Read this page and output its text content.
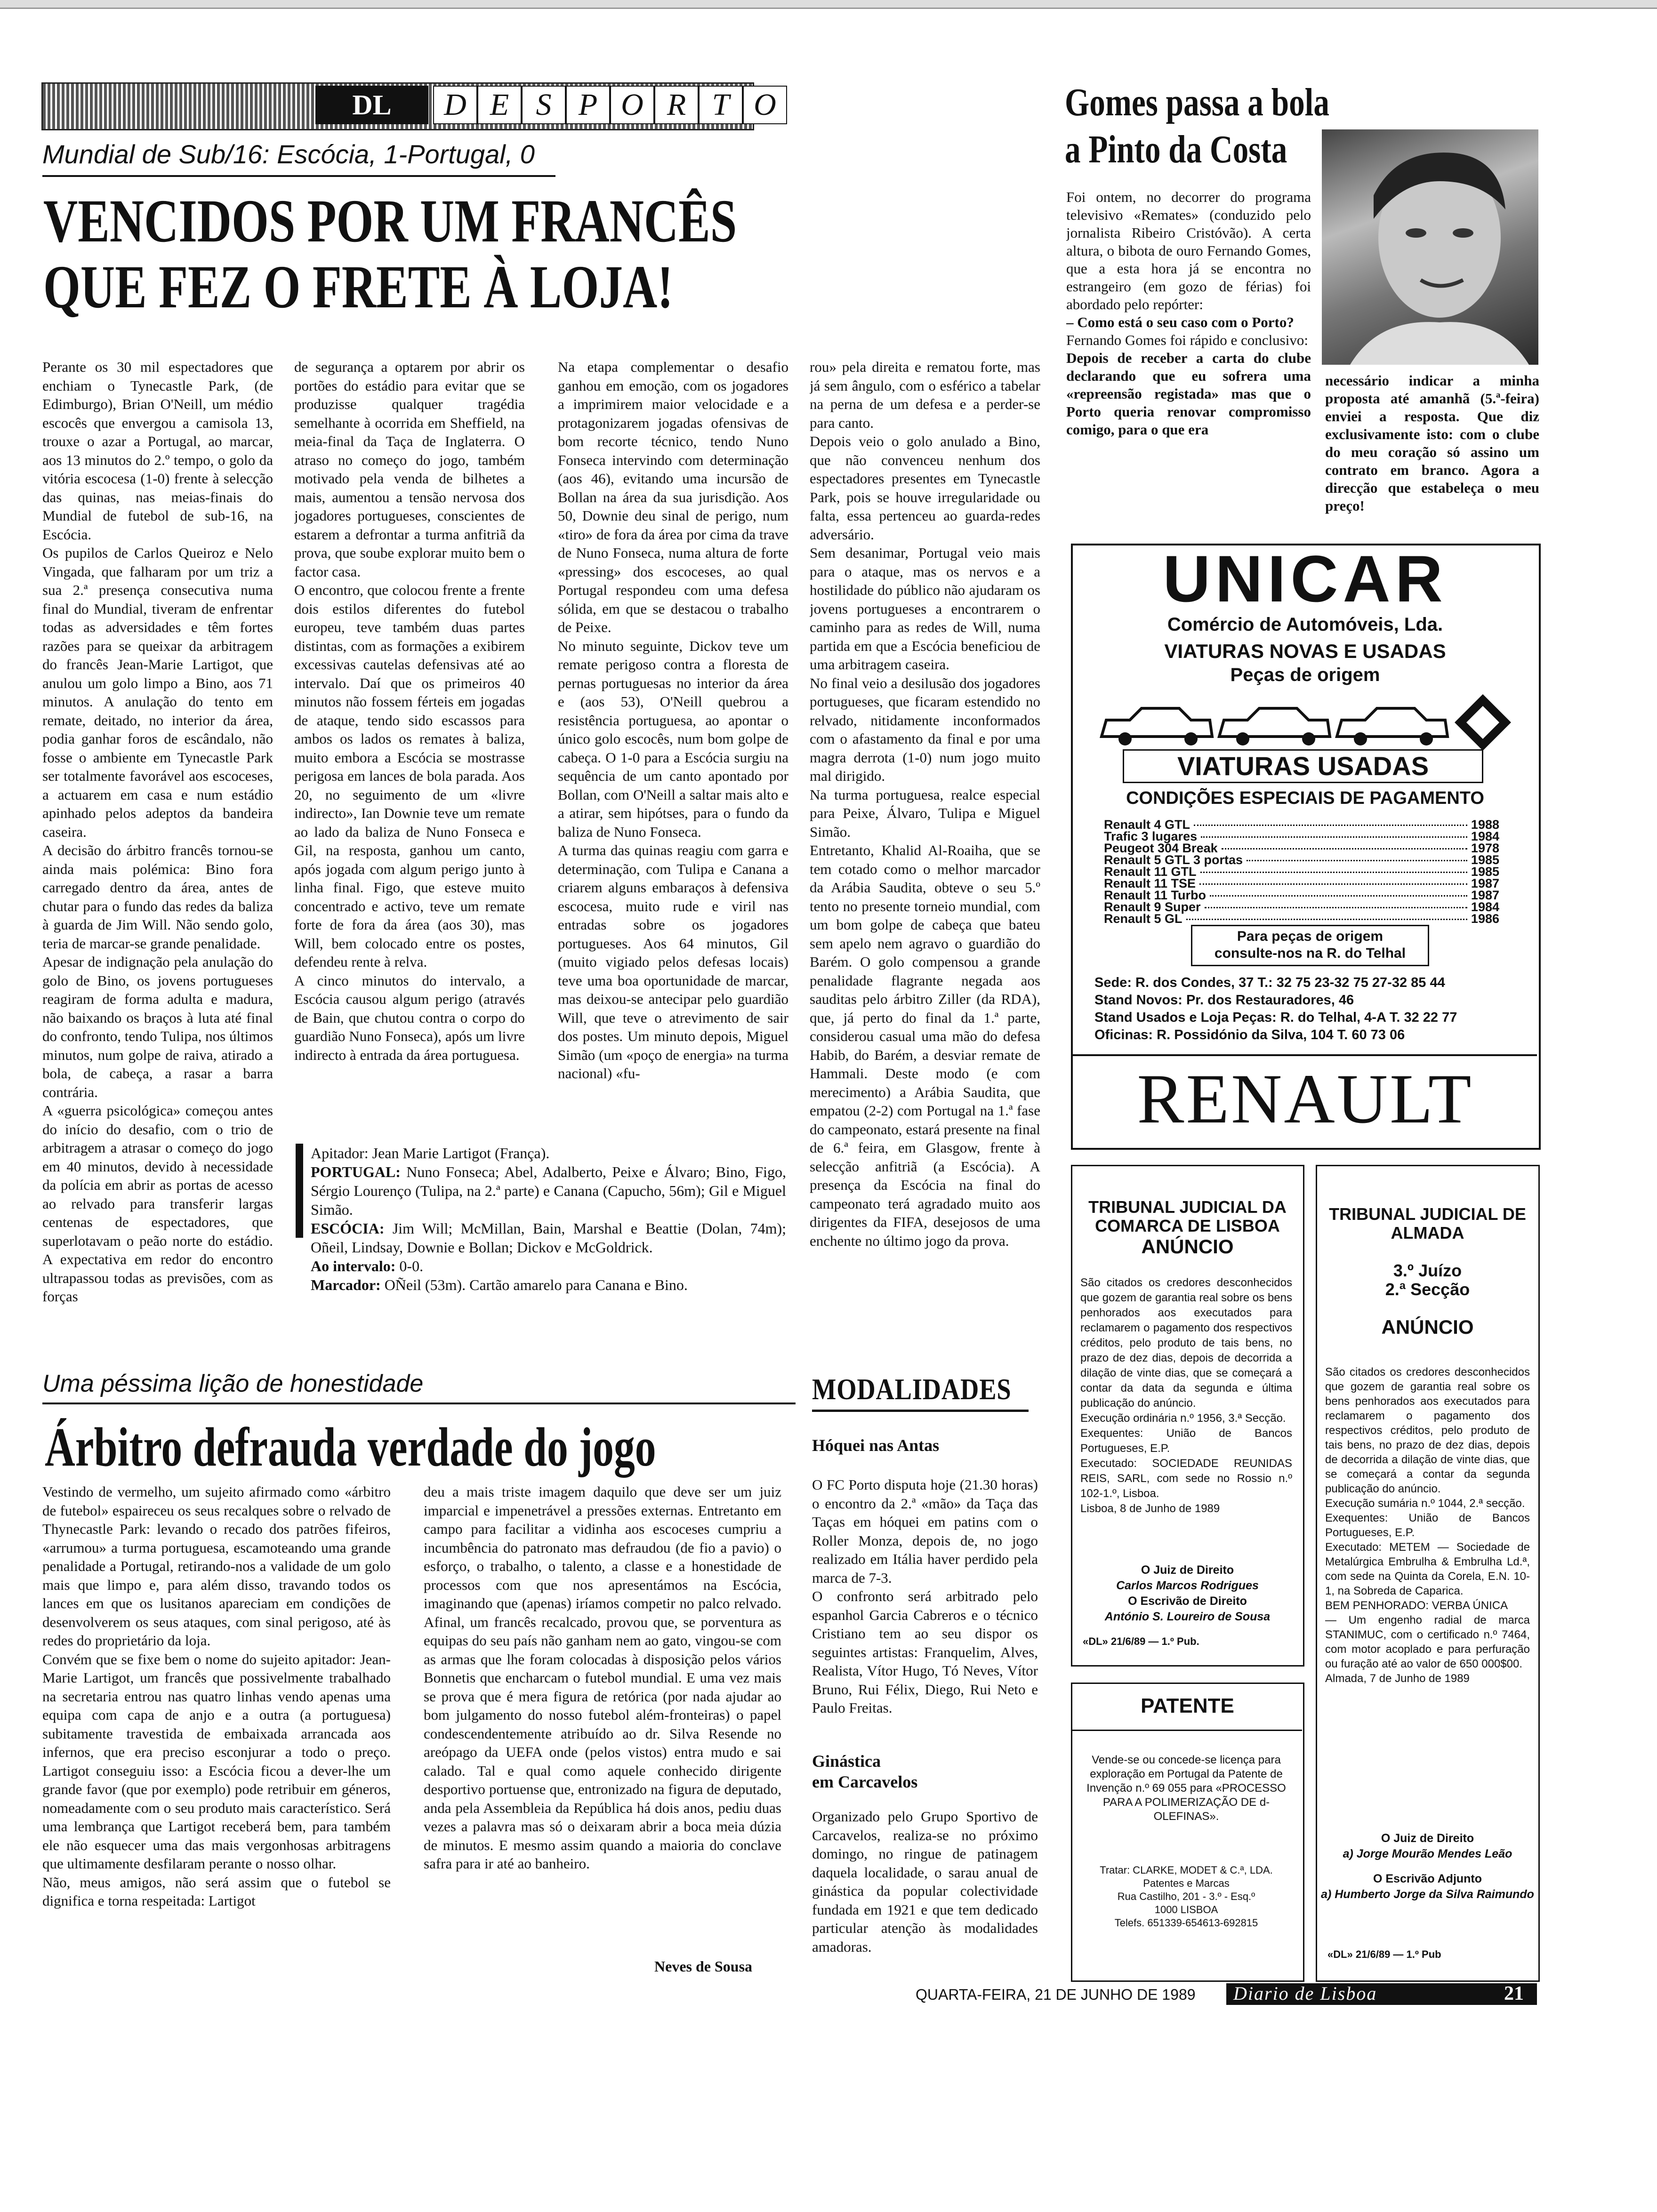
DL	D E S P O R T O
Mundial de Sub/16: Escócia, 1-Portugal, 0
VENCIDOS POR UM FRANCÊS
QUE FEZ O FRETE À LOJA!
Perante os 30 mil espectadores que enchiam o Tynecastle Park, (de Edimburgo), Brian O'Neill, um médio escocês que envergou a camisola 13, trouxe o azar a Portugal, ao marcar, aos 13 minutos do 2.º tempo, o golo da vitória escocesa (1-0) frente à selecção das quinas, nas meias-finais do Mundial de futebol de sub-16, na Escócia.
Os pupilos de Carlos Queiroz e Nelo Vingada, que falharam por um triz a sua 2.ª presença consecutiva numa final do Mundial, tiveram de enfrentar todas as adversidades e têm fortes razões para se queixar da arbitragem do francês Jean-Marie Lartigot, que anulou um golo limpo a Bino, aos 71 minutos. A anulação do tento em remate, deitado, no interior da área, podia ganhar foros de escândalo, não fosse o ambiente em Tynecastle Park ser totalmente favorável aos escoceses, a actuarem em casa e num estádio apinhado pelos adeptos da bandeira caseira.
A decisão do árbitro francês tornou-se ainda mais polémica: Bino fora carregado dentro da área, antes de chutar para o fundo das redes da baliza à guarda de Jim Will. Não sendo golo, teria de marcar-se grande penalidade.
Apesar de indignação pela anulação do golo de Bino, os jovens portugueses reagiram de forma adulta e madura, não baixando os braços à luta até final do confronto, tendo Tulipa, nos últimos minutos, num golpe de raiva, atirado a bola, de cabeça, a rasar a barra contrária.
A «guerra psicológica» começou antes do início do desafio, com o trio de arbitragem a atrasar o começo do jogo em 40 minutos, devido à necessidade da polícia em abrir as portas de acesso ao relvado para transferir largas centenas de espectadores, que superlotavam o peão norte do estádio. A expectativa em redor do encontro ultrapassou todas as previsões, com as forças
de segurança a optarem por abrir os portões do estádio para evitar que se produzisse qualquer tragédia semelhante à ocorrida em Sheffield, na meia-final da Taça de Inglaterra. O atraso no começo do jogo, também motivado pela venda de bilhetes a mais, aumentou a tensão nervosa dos jogadores portugueses, conscientes de estarem a defrontar a turma anfitriã da prova, que soube explorar muito bem o factor casa.
O encontro, que colocou frente a frente dois estilos diferentes do futebol europeu, teve também duas partes distintas, com as formações a exibirem excessivas cautelas defensivas até ao intervalo. Daí que os primeiros 40 minutos não fossem férteis em jogadas de ataque, tendo sido escassos para ambos os lados os remates à baliza, muito embora a Escócia se mostrasse perigosa em lances de bola parada. Aos 20, no seguimento de um «livre indirecto», Ian Downie teve um remate ao lado da baliza de Nuno Fonseca e Gil, na resposta, ganhou um canto, após jogada com algum perigo junto à linha final. Figo, que esteve muito concentrado e activo, teve um remate forte de fora da área (aos 30), mas Will, bem colocado entre os postes, defendeu rente à relva.
A cinco minutos do intervalo, a Escócia causou algum perigo (através de Bain, que chutou contra o corpo do guardião Nuno Fonseca), após um livre indirecto à entrada da área portuguesa.
Na etapa complementar o desafio ganhou em emoção, com os jogadores a imprimirem maior velocidade e a protagonizarem jogadas ofensivas de bom recorte técnico, tendo Nuno Fonseca intervindo com determinação (aos 46), evitando uma incursão de Bollan na área da sua jurisdição. Aos 50, Downie deu sinal de perigo, num «tiro» de fora da área por cima da trave de Nuno Fonseca, numa altura de forte «pressing» dos escoceses, ao qual Portugal respondeu com uma defesa sólida, em que se destacou o trabalho de Peixe.
No minuto seguinte, Dickov teve um remate perigoso contra a floresta de pernas portuguesas no interior da área e (aos 53), O'Neill quebrou a resistência portuguesa, ao apontar o único golo escocês, num bom golpe de cabeça. O 1-0 para a Escócia surgiu na sequência de um canto apontado por Bollan, com O'Neill a saltar mais alto e a atirar, sem hipótses, para o fundo da baliza de Nuno Fonseca.
A turma das quinas reagiu com garra e determinação, com Tulipa e Canana a criarem alguns embaraços à defensiva escocesa, muito rude e viril nas entradas sobre os jogadores portugueses. Aos 64 minutos, Gil (muito vigiado pelos defesas locais) teve uma boa oportunidade de marcar, mas deixou-se antecipar pelo guardião Will, que teve o atrevimento de sair dos postes. Um minuto depois, Miguel Simão (um «poço de energia» na turma nacional) «fu-
rou» pela direita e rematou forte, mas já sem ângulo, com o esférico a tabelar na perna de um defesa e a perder-se para canto.
Depois veio o golo anulado a Bino, que não convenceu nenhum dos espectadores presentes em Tynecastle Park, pois se houve irregularidade ou falta, essa pertenceu ao guarda-redes adversário.
Sem desanimar, Portugal veio mais para o ataque, mas os nervos e a hostilidade do público não ajudaram os jovens portugueses a encontrarem o caminho para as redes de Will, numa partida em que a Escócia beneficiou de uma arbitragem caseira.
No final veio a desilusão dos jogadores portugueses, que ficaram estendido no relvado, nitidamente inconformados com o afastamento da final e por uma magra derrota (1-0) num jogo muito mal dirigido.
Na turma portuguesa, realce especial para Peixe, Álvaro, Tulipa e Miguel Simão.
Entretanto, Khalid Al-Roaiha, que se tem cotado como o melhor marcador da Arábia Saudita, obteve o seu 5.º tento no presente torneio mundial, com um bom golpe de cabeça que bateu sem apelo nem agravo o guardião do Barém. O golo compensou a grande penalidade flagrante negada aos sauditas pelo árbitro Ziller (da RDA), que, já perto do final da 1.ª parte, considerou casual uma mão do defesa Habib, do Barém, a desviar remate de Hammali. Deste modo (e com merecimento) a Arábia Saudita, que empatou (2-2) com Portugal na 1.ª fase do campeonato, estará presente na final de 6.ª feira, em Glasgow, frente à selecção anfitriã (a Escócia). A presença da Escócia na final do campeonato terá agradado muito aos dirigentes da FIFA, desejosos de uma enchente no último jogo da prova.
Apitador: Jean Marie Lartigot (França).
PORTUGAL: Nuno Fonseca; Abel, Adalberto, Peixe e Álvaro; Bino, Figo, Sérgio Lourenço (Tulipa, na 2.ª parte) e Canana (Capucho, 56m); Gil e Miguel Simão.
ESCÓCIA: Jim Will; McMillan, Bain, Marshal e Beattie (Dolan, 74m); Oñeil, Lindsay, Downie e Bollan; Dickov e McGoldrick.
Ao intervalo: 0-0.
Marcador: OÑeil (53m). Cartão amarelo para Canana e Bino.
Uma péssima lição de honestidade
Árbitro defrauda verdade do jogo
Vestindo de vermelho, um sujeito afirmado como «árbitro de futebol» espaireceu os seus recalques sobre o relvado de Thynecastle Park: levando o recado dos patrões fifeiros, «arrumou» a turma portuguesa, escamoteando uma grande penalidade a Portugal, retirando-nos a validade de um golo mais que limpo e, para além disso, travando todos os lances em que os lusitanos apareciam em condições de desenvolverem os seus ataques, com sinal perigoso, até às redes do proprietário da loja.
Convém que se fixe bem o nome do sujeito apitador: Jean-Marie Lartigot, um francês que possivelmente trabalhado na secretaria entrou nas quatro linhas vendo apenas uma equipa com capa de anjo e a outra (a portuguesa) subitamente travestida de embaixada arrancada aos infernos, que era preciso esconjurar a todo o preço. Lartigot conseguiu isso: a Escócia ficou a dever-lhe um grande favor (que por exemplo) pode retribuir em géneros, nomeadamente com o seu produto mais característico. Será uma lembrança que Lartigot receberá bem, para também ele não esquecer uma das mais vergonhosas arbitragens que ultimamente desfilaram perante o nosso olhar.
Não, meus amigos, não será assim que o futebol se dignifica e torna respeitada: Lartigot
deu a mais triste imagem daquilo que deve ser um juiz imparcial e impenetrável a pressões externas. Entretanto em campo para facilitar a vidinha aos escoceses cumpriu a incumbência do patronato mas defraudou (de fio a pavio) o esforço, o trabalho, o talento, a classe e a honestidade de processos com que nos apresentámos na Escócia, imaginando que (apenas) iríamos competir no palco relvado. Afinal, um francês recalcado, provou que, se porventura as equipas do seu país não ganham nem ao gato, vingou-se com as armas que lhe foram colocadas à disposição pelos vários Bonnetis que encharcam o futebol mundial. E uma vez mais se prova que é mera figura de retórica (por nada ajudar ao bom julgamento do nosso futebol além-fronteiras) o papel condescendentemente atribuído ao dr. Silva Resende no areópago da UEFA onde (pelos vistos) entra mudo e sai calado. Tal e qual como aquele conhecido dirigente desportivo portuense que, entronizado na figura de deputado, anda pela Assembleia da República há dois anos, pediu duas vezes a palavra mas só o deixaram abrir a boca meia dúzia de minutos. E mesmo assim quando a maioria do conclave safra para ir até ao banheiro.
Neves de Sousa
MODALIDADES
Hóquei nas Antas
O FC Porto disputa hoje (21.30 horas) o encontro da 2.ª «mão» da Taça das Taças em hóquei em patins com o Roller Monza, depois de, no jogo realizado em Itália haver perdido pela marca de 7-3.
O confronto será arbitrado pelo espanhol Garcia Cabreros e o técnico Cristiano tem ao seu dispor os seguintes artistas: Franquelim, Alves, Realista, Vítor Hugo, Tó Neves, Vítor Bruno, Rui Félix, Diego, Rui Neto e Paulo Freitas.
Ginástica
em Carcavelos
Organizado pelo Grupo Sportivo de Carcavelos, realiza-se no próximo domingo, no ringue de patinagem daquela localidade, o sarau anual de ginástica da popular colectividade fundada em 1921 e que tem dedicado particular atenção às modalidades amadoras.
Gomes passa a bola
a Pinto da Costa
Foi ontem, no decorrer do programa televisivo «Remates» (conduzido pelo jornalista Ribeiro Cristóvão). A certa altura, o bibota de ouro Fernando Gomes, que a esta hora já se encontra no estrangeiro (em gozo de férias) foi abordado pelo repórter:
– Como está o seu caso com o Porto?
Fernando Gomes foi rápido e conclusivo:
Depois de receber a carta do clube declarando que eu sofrera uma «repreensão registada» mas que o Porto queria renovar compromisso comigo, para o que era
necessário indicar a minha proposta até amanhã (5.ª-feira) enviei a resposta. Que diz exclusivamente isto: com o clube do meu coração só assino um contrato em branco. Agora a direcção que estabeleça o meu preço!
UNICAR
Comércio de Automóveis, Lda.
VIATURAS NOVAS E USADAS
Peças de origem
VIATURAS USADAS
CONDIÇÕES ESPECIAIS DE PAGAMENTO
Renault 4 GTL	1988
Trafic 3 lugares	1984
Peugeot 304 Break	1978
Renault 5 GTL 3 portas	1985
Renault 11 GTL	1985
Renault 11 TSE	1987
Renault 11 Turbo	1987
Renault 9 Super	1984
Renault 5 GL	1986
Para peças de origem
consulte-nos na R. do Telhal
Sede: R. dos Condes, 37 T.: 32 75 23-32 75 27-32 85 44
Stand Novos: Pr. dos Restauradores, 46
Stand Usados e Loja Peças: R. do Telhal, 4-A T. 32 22 77
Oficinas: R. Possidónio da Silva, 104 T. 60 73 06
RENAULT
TRIBUNAL JUDICIAL DA
COMARCA DE LISBOA
ANÚNCIO
São citados os credores desconhecidos que gozem de garantia real sobre os bens penhorados aos executados para reclamarem o pagamento dos respectivos créditos, pelo produto de tais bens, no prazo de dez dias, depois de decorrida a dilação de vinte dias, que se começará a contar da data da segunda e última publicação do anúncio.
Execução ordinária n.º 1956, 3.ª Secção.
Exequentes: União de Bancos Portugueses, E.P.
Executado: SOCIEDADE REUNIDAS REIS, SARL, com sede no Rossio n.º 102-1.º, Lisboa.
Lisboa, 8 de Junho de 1989
O Juiz de Direito
Carlos Marcos Rodrigues
O Escrivão de Direito
António S. Loureiro de Sousa
«DL» 21/6/89 — 1.º Pub.
PATENTE
Vende-se ou concede-se licença para exploração em Portugal da Patente de Invenção n.º 69 055 para «PROCESSO PARA A POLIMERIZAÇÃO DE d-OLEFINAS».
Tratar: CLARKE, MODET & C.ª, LDA.
Patentes e Marcas
Rua Castilho, 201 - 3.º - Esq.º
1000 LISBOA
Telefs. 651339-654613-692815
TRIBUNAL JUDICIAL DE
ALMADA
3.º Juízo
2.ª Secção
ANÚNCIO
São citados os credores desconhecidos que gozem de garantia real sobre os bens penhorados aos executados para reclamarem o pagamento dos respectivos créditos, pelo produto de tais bens, no prazo de dez dias, depois de decorrida a dilação de vinte dias, que se começará a contar da segunda publicação do anúncio.
Execução sumária n.º 1044, 2.ª secção.
Exequentes: União de Bancos Portugueses, E.P.
Executado: METEM — Sociedade de Metalúrgica Embrulha & Embrulha Ld.ª, com sede na Quinta da Corela, E.N. 10-1, na Sobreda de Caparica.
BEM PENHORADO: VERBA ÚNICA
— Um engenho radial de marca STANIMUC, com o certificado n.º 7464, com motor acoplado e para perfuração ou furação até ao valor de 650 000$00.
Almada, 7 de Junho de 1989
O Juiz de Direito
a) Jorge Mourão Mendes Leão
O Escrivão Adjunto
a) Humberto Jorge da Silva Raimundo
«DL» 21/6/89 — 1.º Pub
QUARTA-FEIRA, 21 DE JUNHO DE 1989 Diario de Lisboa	21
